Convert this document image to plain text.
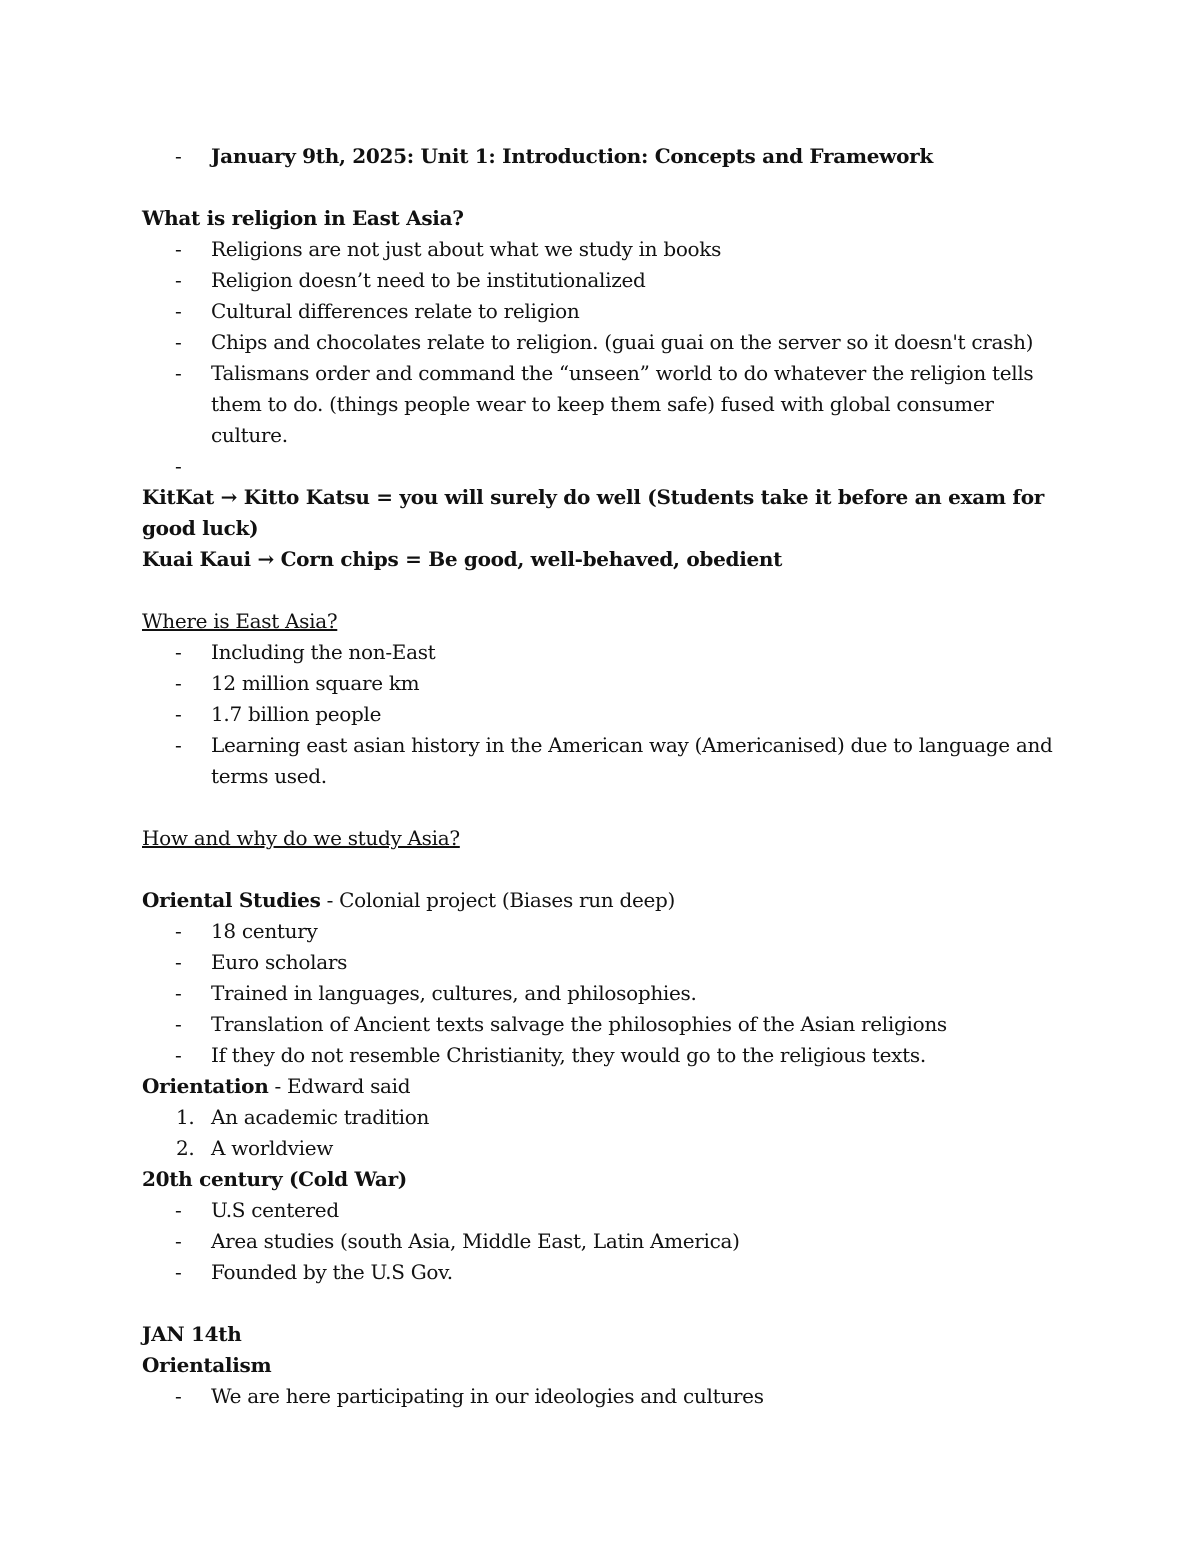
- January 9th, 2025: Unit 1: Introduction: Concepts and Framework

What is religion in East Asia?

- Religions are not just about what we study in books
- Religion doesn’t need to be institutionalized
- Cultural differences relate to religion
- Chips and chocolates relate to religion. (guai guai on the server so it doesn't crash)
- Talismans order and command the “unseen” world to do whatever the religion tells them to do. (things people wear to keep them safe) fused with global consumer culture.
-

KitKat → Kitto Katsu = you will surely do well (Students take it before an exam for good luck)

Kuai Kaui → Corn chips = Be good, well-behaved, obedient

Where is East Asia?

- Including the non-East
- 12 million square km
- 1.7 billion people
- Learning east asian history in the American way (Americanised) due to language and terms used.

How and why do we study Asia?

Oriental Studies - Colonial project (Biases run deep)

- 18 century
- Euro scholars
- Trained in languages, cultures, and philosophies.
- Translation of Ancient texts salvage the philosophies of the Asian religions
- If they do not resemble Christianity, they would go to the religious texts.

Orientation - Edward said

1. An academic tradition
2. A worldview

20th century (Cold War)

- U.S centered
- Area studies (south Asia, Middle East, Latin America)
- Founded by the U.S Gov.

JAN 14th

Orientalism

- We are here participating in our ideologies and cultures
